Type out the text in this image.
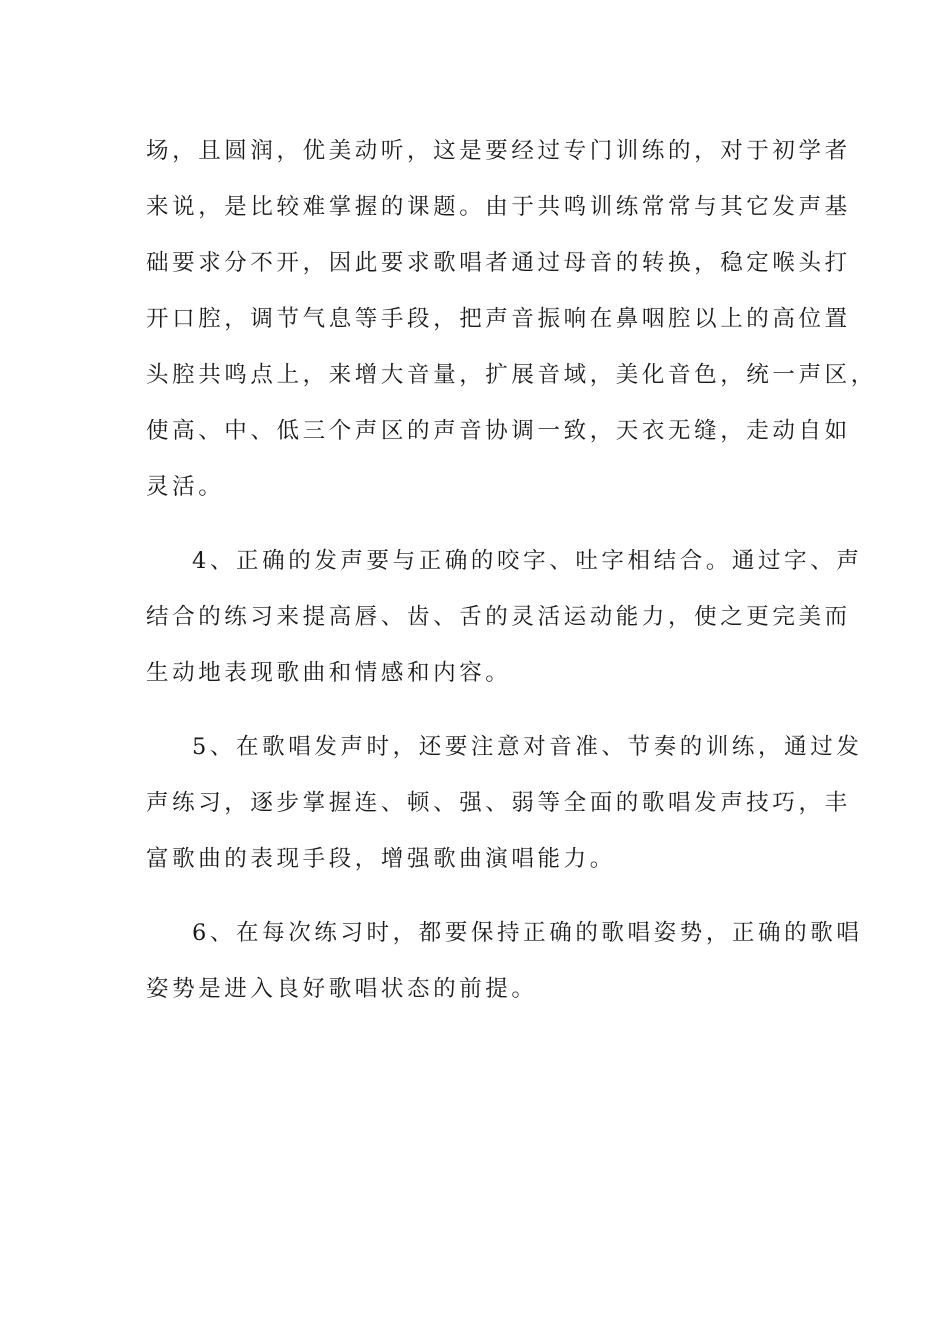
场，且圆润，优美动听，这是要经过专门训练的，对于初学者
来说，是比较难掌握的课题。由于共鸣训练常常与其它发声基
础要求分不开，因此要求歌唱者通过母音的转换，稳定喉头打
开口腔，调节气息等手段，把声音振响在鼻咽腔以上的高位置
头腔共鸣点上，来增大音量，扩展音域，美化音色，统一声区，
使高、中、低三个声区的声音协调一致，天衣无缝，走动自如
灵活。
4、正确的发声要与正确的咬字、吐字相结合。通过字、声
结合的练习来提高唇、齿、舌的灵活运动能力，使之更完美而
生动地表现歌曲和情感和内容。
5、在歌唱发声时，还要注意对音准、节奏的训练，通过发
声练习，逐步掌握连、顿、强、弱等全面的歌唱发声技巧，丰
富歌曲的表现手段，增强歌曲演唱能力。
6、在每次练习时，都要保持正确的歌唱姿势，正确的歌唱
姿势是进入良好歌唱状态的前提。
